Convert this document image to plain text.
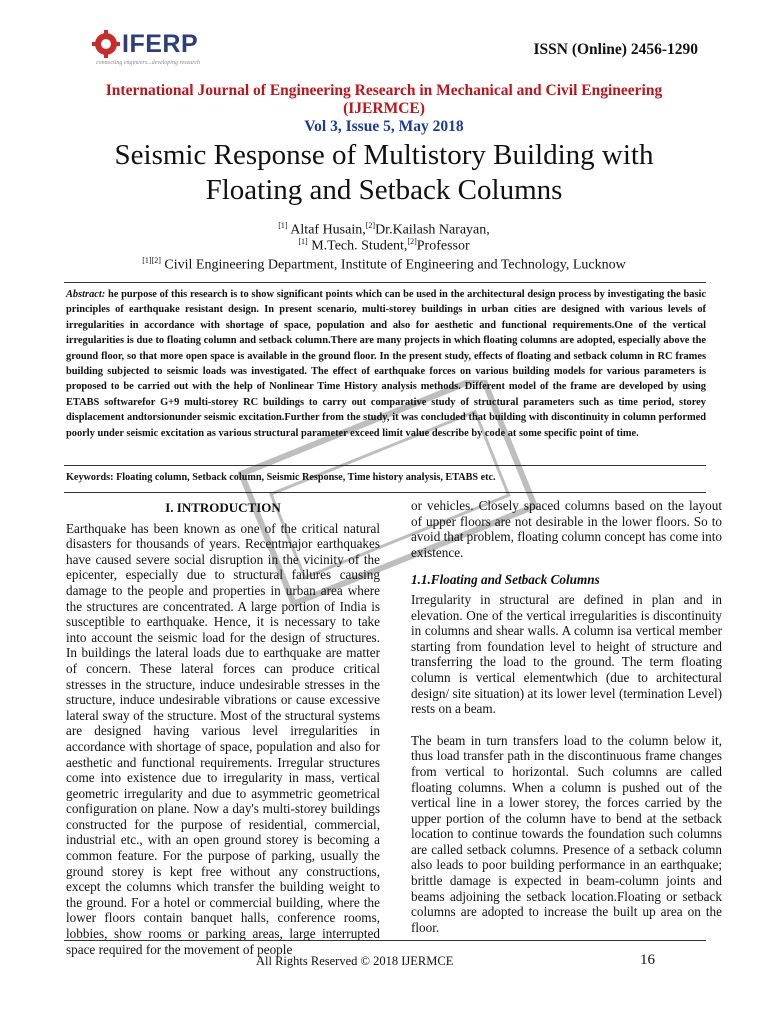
IFERP
connecting engineers...developing research
ISSN (Online) 2456-1290
International Journal of Engineering Research in Mechanical and Civil Engineering
(IJERMCE)
Vol 3, Issue 5, May 2018
Seismic Response of Multistory Building with
Floating and Setback Columns
[1] Altaf Husain,[2]Dr.Kailash Narayan,
[1] M.Tech. Student,[2]Professor
[1][2] Civil Engineering Department, Institute of Engineering and Technology, Lucknow
Abstract: he purpose of this research is to show significant points which can be used in the architectural design process by investigating the basic principles of earthquake resistant design. In present scenario, multi-storey buildings in urban cities are designed with various levels of irregularities in accordance with shortage of space, population and also for aesthetic and functional requirements.One of the vertical irregularities is due to floating column and setback column.There are many projects in which floating columns are adopted, especially above the ground floor, so that more open space is available in the ground floor. In the present study, effects of floating and setback column in RC frames building subjected to seismic loads was investigated. The effect of earthquake forces on various building models for various parameters is proposed to be carried out with the help of Nonlinear Time History analysis methods. Different model of the frame are developed by using ETABS softwarefor G+9 multi-storey RC buildings to carry out comparative study of structural parameters such as time period, storey displacement andtorsionunder seismic excitation.Further from the study, it was concluded that building with discontinuity in column performed poorly under seismic excitation as various structural parameter exceed limit value describe by code at some specific point of time.
Keywords: Floating column, Setback column, Seismic Response, Time history analysis, ETABS etc.

I. INTRODUCTION

Earthquake has been known as one of the critical natural disasters for thousands of years. Recentmajor earthquakes have caused severe social disruption in the vicinity of the epicenter, especially due to structural failures causing damage to the people and properties in urban area where the structures are concentrated. A large portion of India is susceptible to earthquake. Hence, it is necessary to take into account the seismic load for the design of structures. In buildings the lateral loads due to earthquake are matter of concern. These lateral forces can produce critical stresses in the structure, induce undesirable stresses in the structure, induce undesirable vibrations or cause excessive lateral sway of the structure. Most of the structural systems are designed having various level irregularities in accordance with shortage of space, population and also for aesthetic and functional requirements. Irregular structures come into existence due to irregularity in mass, vertical geometric irregularity and due to asymmetric geometrical configuration on plane. Now a day's multi-storey buildings constructed for the purpose of residential, commercial, industrial etc., with an open ground storey is becoming a common feature. For the purpose of parking, usually the ground storey is kept free without any constructions, except the columns which transfer the building weight to the ground. For a hotel or commercial building, where the lower floors contain banquet halls, conference rooms, lobbies, show rooms or parking areas, large interrupted space required for the movement of people

or vehicles. Closely spaced columns based on the layout of upper floors are not desirable in the lower floors. So to avoid that problem, floating column concept has come into existence.

1.1.Floating and Setback Columns

Irregularity in structural are defined in plan and in elevation. One of the vertical irregularities is discontinuity in columns and shear walls. A column isa vertical member starting from foundation level to height of structure and transferring the load to the ground. The term floating column is vertical elementwhich (due to architectural design/ site situation) at its lower level (termination Level) rests on a beam.

The beam in turn transfers load to the column below it, thus load transfer path in the discontinuous frame changes from vertical to horizontal. Such columns are called floating columns. When a column is pushed out of the vertical line in a lower storey, the forces carried by the upper portion of the column have to bend at the setback location to continue towards the foundation such columns are called setback columns. Presence of a setback column also leads to poor building performance in an earthquake; brittle damage is expected in beam-column joints and beams adjoining the setback location.Floating or setback columns are adopted to increase the built up area on the floor.

All Rights Reserved © 2018 IJERMCE	16
